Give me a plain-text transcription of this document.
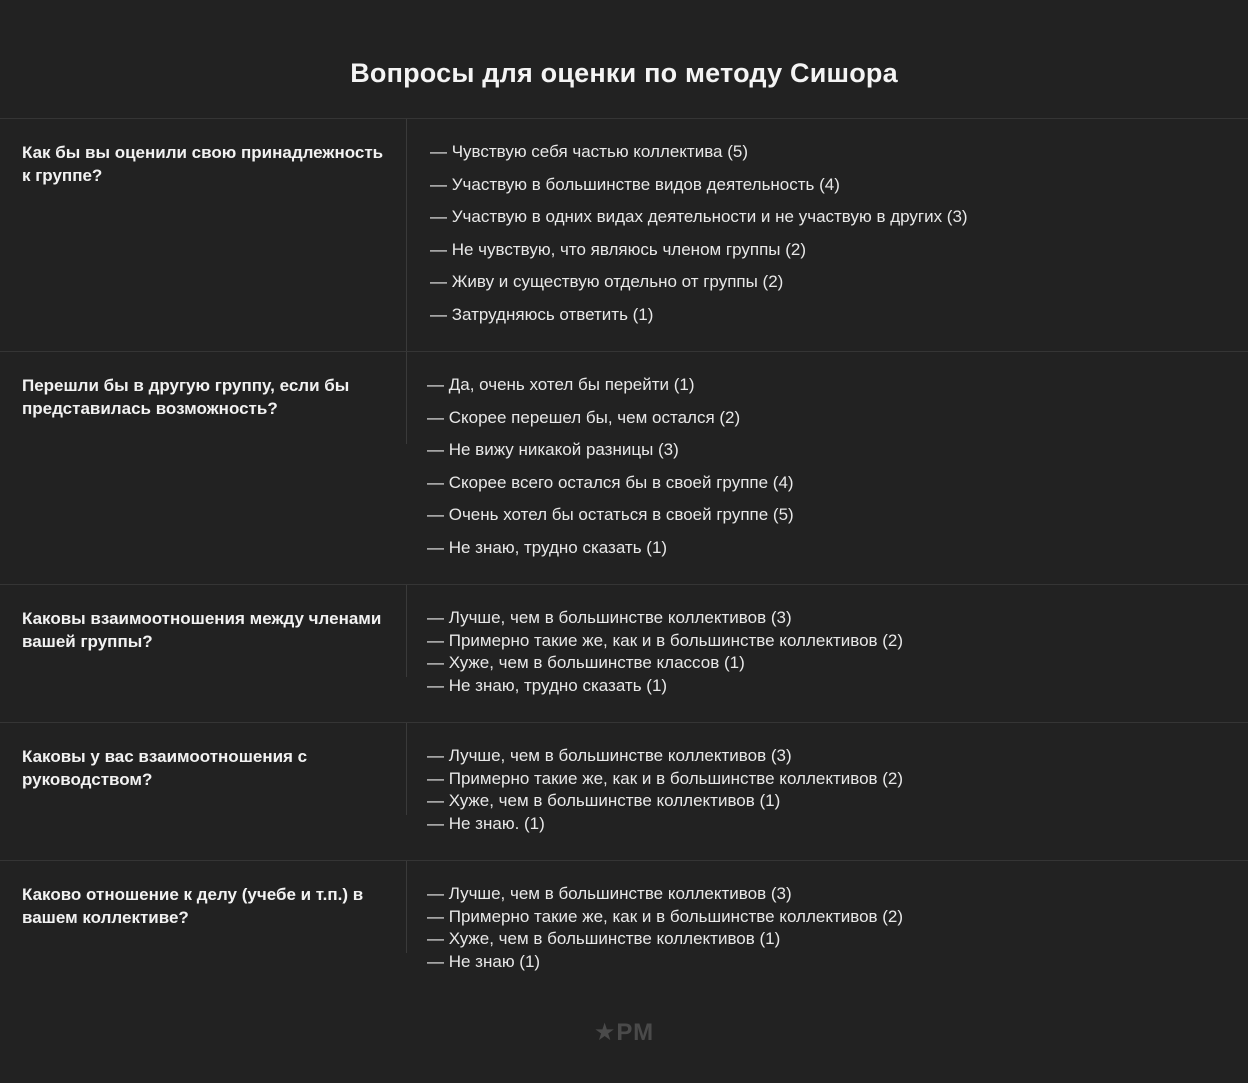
Вопросы для оценки по методу Сишора
Как бы вы оценили свою принадлежность к группе?
— Чувствую себя частью коллектива (5)
— Участвую в большинстве видов деятельность (4)
— Участвую в одних видах деятельности и не участвую в других (3)
— Не чувствую, что являюсь членом группы (2)
— Живу и существую отдельно от группы (2)
— Затрудняюсь ответить (1)
Перешли бы в другую группу, если бы представилась возможность?
— Да, очень хотел бы перейти (1)
— Скорее перешел бы, чем остался (2)
— Не вижу никакой разницы (3)
— Скорее всего остался бы в своей группе (4)
— Очень хотел бы остаться в своей группе (5)
— Не знаю, трудно сказать (1)
Каковы взаимоотношения между членами вашей группы?
— Лучше, чем в большинстве коллективов (3)
— Примерно такие же, как и в большинстве коллективов (2)
— Хуже, чем в большинстве классов (1)
— Не знаю, трудно сказать (1)
Каковы у вас взаимоотношения с руководством?
— Лучше, чем в большинстве коллективов (3)
— Примерно такие же, как и в большинстве коллективов (2)
— Хуже, чем в большинстве коллективов (1)
— Не знаю. (1)
Каково отношение к делу (учебе и т.п.) в вашем коллективе?
— Лучше, чем в большинстве коллективов (3)
— Примерно такие же, как и в большинстве коллективов (2)
— Хуже, чем в большинстве коллективов (1)
— Не знаю (1)
★РМ
